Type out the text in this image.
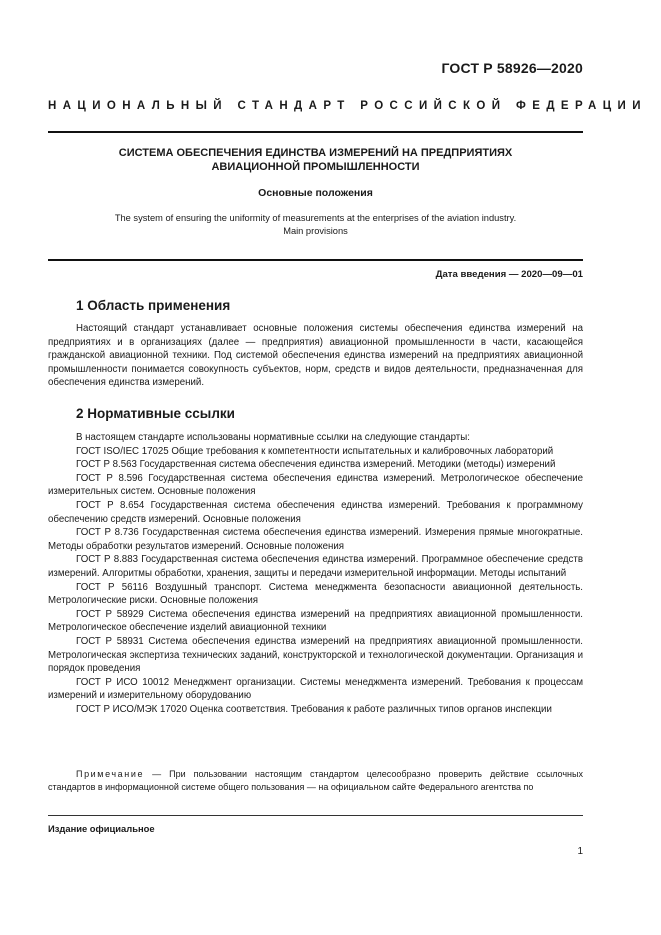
ГОСТ Р 58926—2020
НАЦИОНАЛЬНЫЙ СТАНДАРТ РОССИЙСКОЙ ФЕДЕРАЦИИ
СИСТЕМА ОБЕСПЕЧЕНИЯ ЕДИНСТВА ИЗМЕРЕНИЙ НА ПРЕДПРИЯТИЯХ
АВИАЦИОННОЙ ПРОМЫШЛЕННОСТИ
Основные положения
The system of ensuring the uniformity of measurements at the enterprises of the aviation industry.
Main provisions
Дата введения — 2020—09—01
1 Область применения

Настоящий стандарт устанавливает основные положения системы обеспечения единства измерений на предприятиях и в организациях (далее — предприятия) авиационной промышленности в части, касающейся гражданской авиационной техники. Под системой обеспечения единства измерений на предприятиях авиационной промышленности понимается совокупность субъектов, норм, средств и видов деятельности, предназначенная для обеспечения единства измерений.

2 Нормативные ссылки

В настоящем стандарте использованы нормативные ссылки на следующие стандарты:

ГОСТ ISO/IEC 17025 Общие требования к компетентности испытательных и калибровочных лабораторий

ГОСТ Р 8.563 Государственная система обеспечения единства измерений. Методики (методы) измерений

ГОСТ Р 8.596 Государственная система обеспечения единства измерений. Метрологическое обеспечение измерительных систем. Основные положения

ГОСТ Р 8.654 Государственная система обеспечения единства измерений. Требования к программному обеспечению средств измерений. Основные положения

ГОСТ Р 8.736 Государственная система обеспечения единства измерений. Измерения прямые многократные. Методы обработки результатов измерений. Основные положения

ГОСТ Р 8.883 Государственная система обеспечения единства измерений. Программное обеспечение средств измерений. Алгоритмы обработки, хранения, защиты и передачи измерительной информации. Методы испытаний

ГОСТ Р 56116 Воздушный транспорт. Система менеджмента безопасности авиационной деятельность. Метрологические риски. Основные положения

ГОСТ Р 58929 Система обеспечения единства измерений на предприятиях авиационной промышленности. Метрологическое обеспечение изделий авиационной техники

ГОСТ Р 58931 Система обеспечения единства измерений на предприятиях авиационной промышленности. Метрологическая экспертиза технических заданий, конструкторской и технологической документации. Организация и порядок проведения

ГОСТ Р ИСО 10012 Менеджмент организации. Системы менеджмента измерений. Требования к процессам измерений и измерительному оборудованию

ГОСТ Р ИСО/МЭК 17020 Оценка соответствия. Требования к работе различных типов органов инспекции

Примечание — При пользовании настоящим стандартом целесообразно проверить действие ссылочных стандартов в информационной системе общего пользования — на официальном сайте Федерального агентства по

Издание официальное
1
